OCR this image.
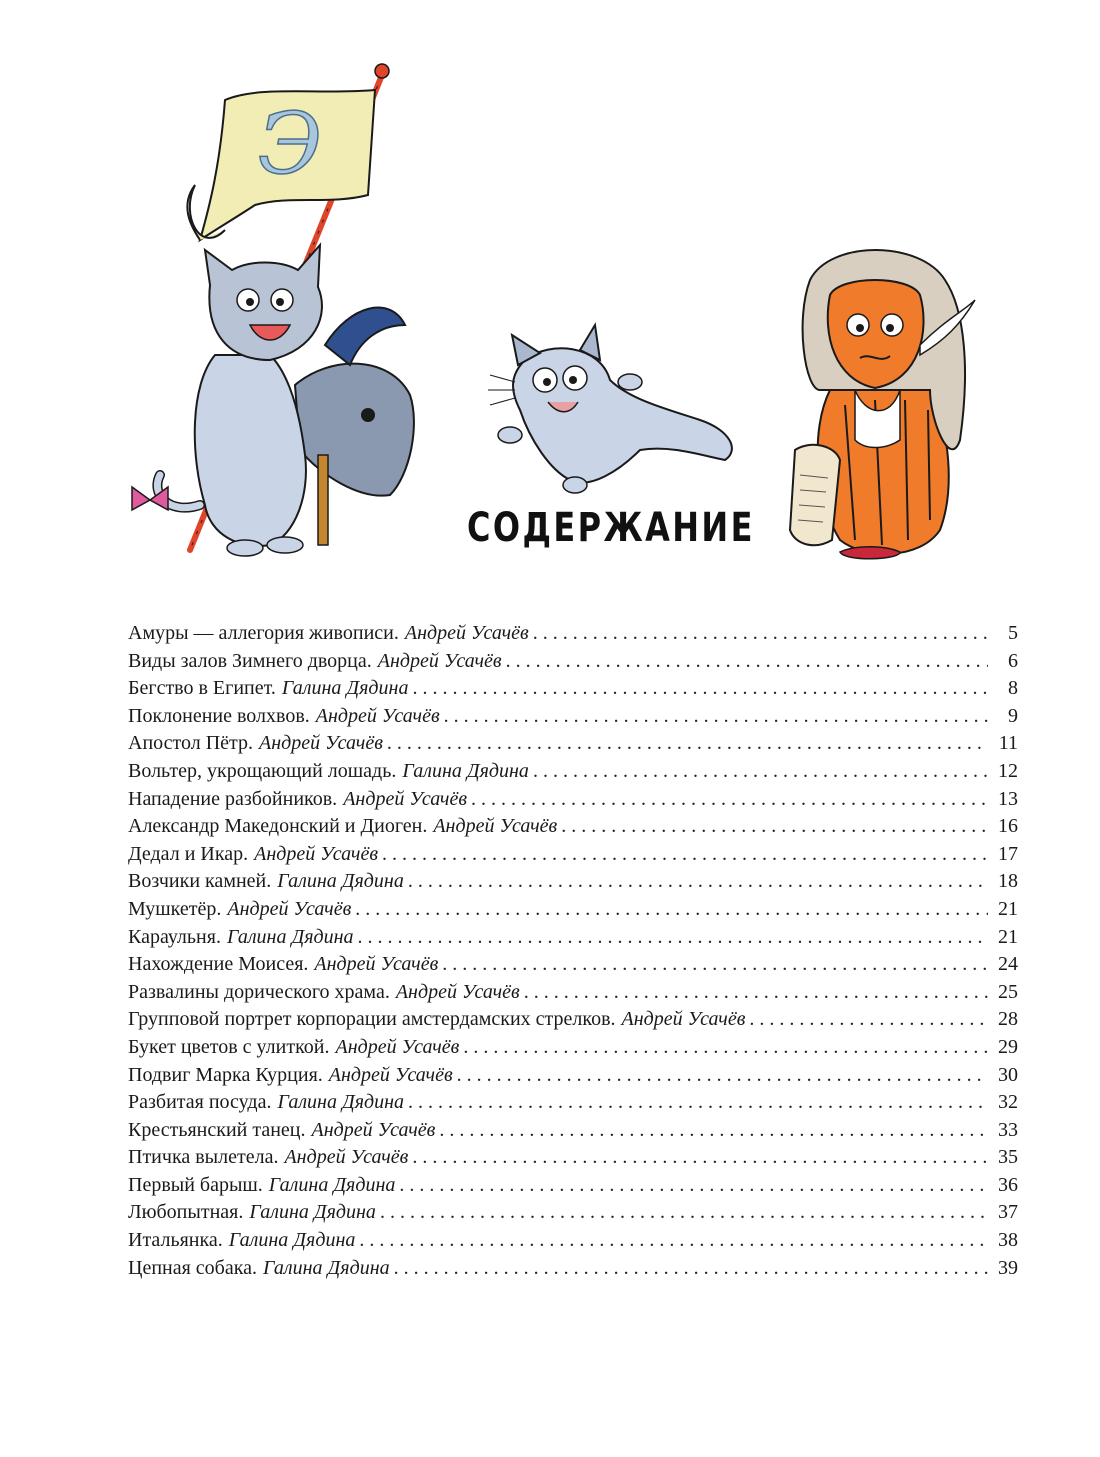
Э
СОДЕРЖАНИЕ
Амуры — аллегория живописи. Андрей Усачёв . . .	5
Виды залов Зимнего дворца. Андрей Усачёв . . .	6
Бегство в Египет. Галина Дядина . . .	8
Поклонение волхвов. Андрей Усачёв . . .	9
Апостол Пётр. Андрей Усачёв . . .	11
Вольтер, укрощающий лошадь. Галина Дядина . . .	12
Нападение разбойников. Андрей Усачёв . . .	13
Александр Македонский и Диоген. Андрей Усачёв . . .	16
Дедал и Икар. Андрей Усачёв . . .	17
Возчики камней. Галина Дядина . . .	18
Мушкетёр. Андрей Усачёв . . .	21
Караульня. Галина Дядина . . .	21
Нахождение Моисея. Андрей Усачёв . . .	24
Развалины дорического храма. Андрей Усачёв . . .	25
Групповой портрет корпорации амстердамских стрелков. Андрей Усачёв . . .	28
Букет цветов с улиткой. Андрей Усачёв . . .	29
Подвиг Марка Курция. Андрей Усачёв . . .	30
Разбитая посуда. Галина Дядина . . .	32
Крестьянский танец. Андрей Усачёв . . .	33
Птичка вылетела. Андрей Усачёв . . .	35
Первый барыш. Галина Дядина . . .	36
Любопытная. Галина Дядина . . .	37
Итальянка. Галина Дядина . . .	38
Цепная собака. Галина Дядина . . .	39
